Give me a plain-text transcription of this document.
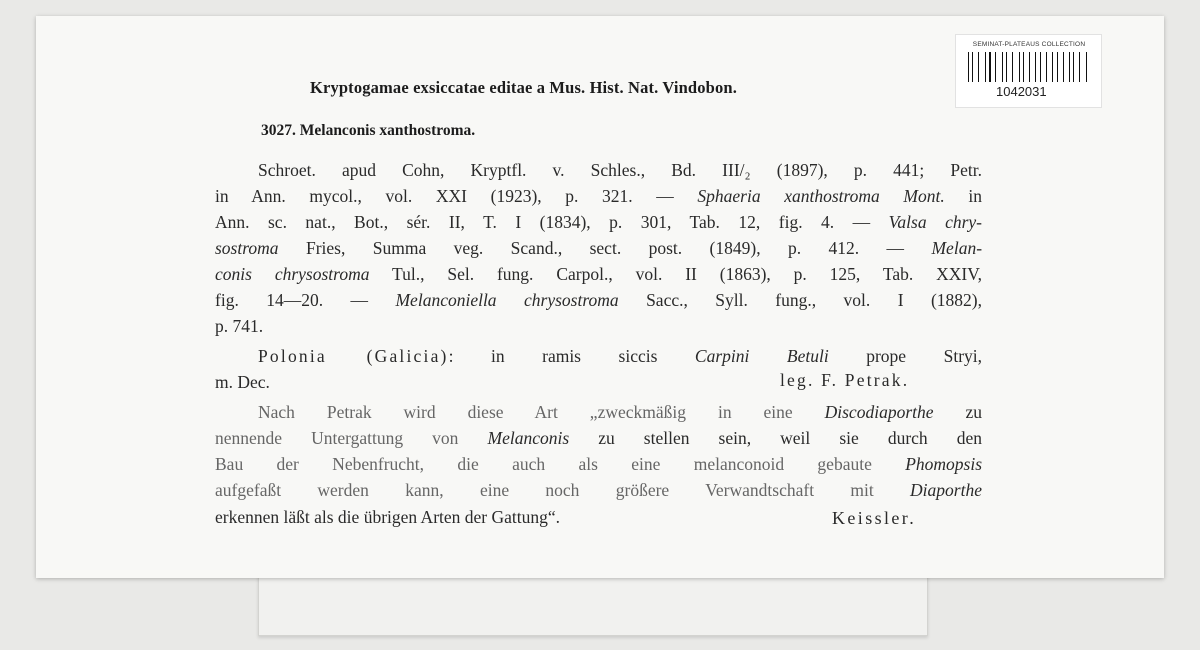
SEMINAT-PLATEAUS COLLECTION
1042031
Kryptogamae exsiccatae editae a Mus. Hist. Nat. Vindobon.
3027. Melanconis xanthostroma.
Schroet. apud Cohn, Kryptfl. v. Schles., Bd. III/₂ (1897), p. 441; Petr.
in Ann. mycol., vol. XXI (1923), p. 321. — Sphaeria xanthostroma Mont. in
Ann. sc. nat., Bot., sér. II, T. I (1834), p. 301, Tab. 12, fig. 4. — Valsa chry-
sostroma Fries, Summa veg. Scand., sect. post. (1849), p. 412. — Melan-
conis chrysostroma Tul., Sel. fung. Carpol., vol. II (1863), p. 125, Tab. XXIV,
fig. 14—20. — Melanconiella chrysostroma Sacc., Syll. fung., vol. I (1882),
p. 741.
Polonia (Galicia): in ramis siccis Carpini Betuli prope Stryi,
m. Dec.	leg. F. Petrak.
Nach Petrak wird diese Art „zweckmäßig in eine Discodiaporthe zu
nennende Untergattung von Melanconis zu stellen sein, weil sie durch den
Bau der Nebenfrucht, die auch als eine melanconoid gebaute Phomopsis
aufgefaßt werden kann, eine noch größere Verwandtschaft mit Diaporthe
erkennen läßt als die übrigen Arten der Gattung“.	Keissler.
